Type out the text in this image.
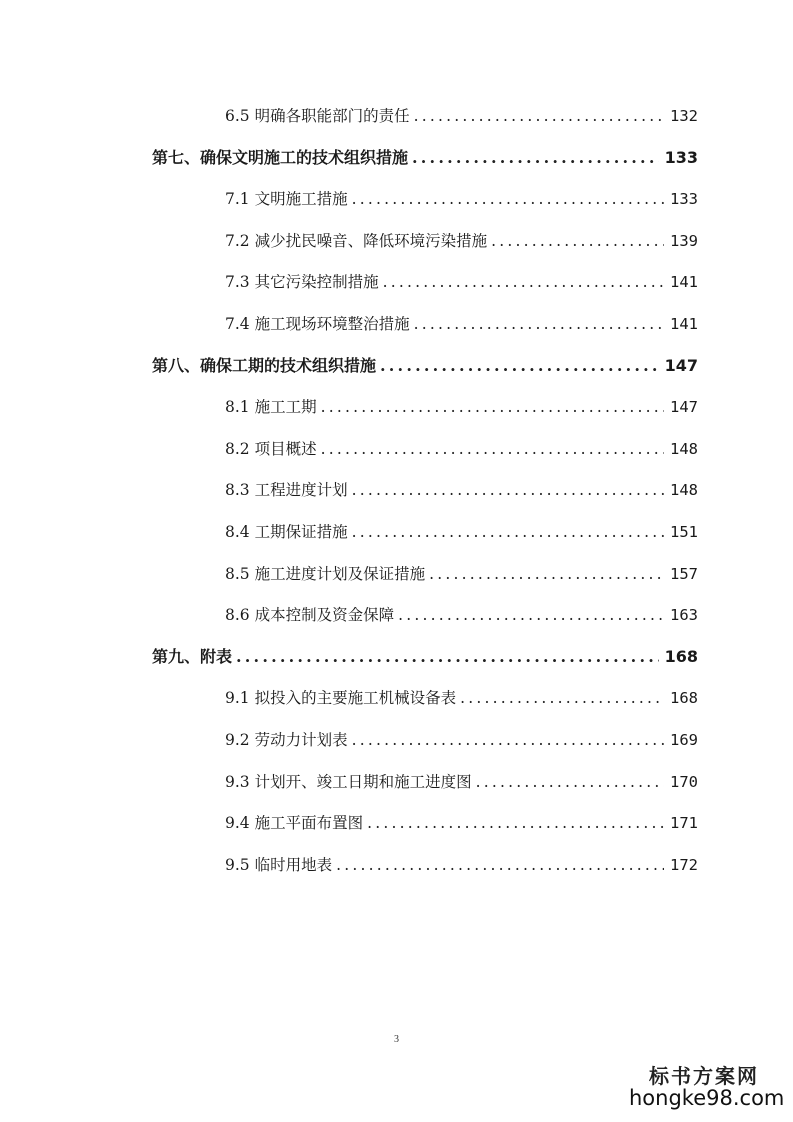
6.5 明确各职能部门的责任 .....	132
第七、确保文明施工的技术组织措施 .....	133
7.1 文明施工措施 .....	133
7.2 减少扰民噪音、降低环境污染措施 .....	139
7.3 其它污染控制措施 .....	141
7.4 施工现场环境整治措施 .....	141
第八、确保工期的技术组织措施 .....	147
8.1 施工工期 .....	147
8.2 项目概述 .....	148
8.3 工程进度计划 .....	148
8.4 工期保证措施 .....	151
8.5 施工进度计划及保证措施 .....	157
8.6 成本控制及资金保障 .....	163
第九、附表 .....	168
9.1 拟投入的主要施工机械设备表 .....	168
9.2 劳动力计划表 .....	169
9.3 计划开、竣工日期和施工进度图 .....	170
9.4 施工平面布置图 .....	171
9.5 临时用地表 .....	172
3
标书方案网
hongke98.com
